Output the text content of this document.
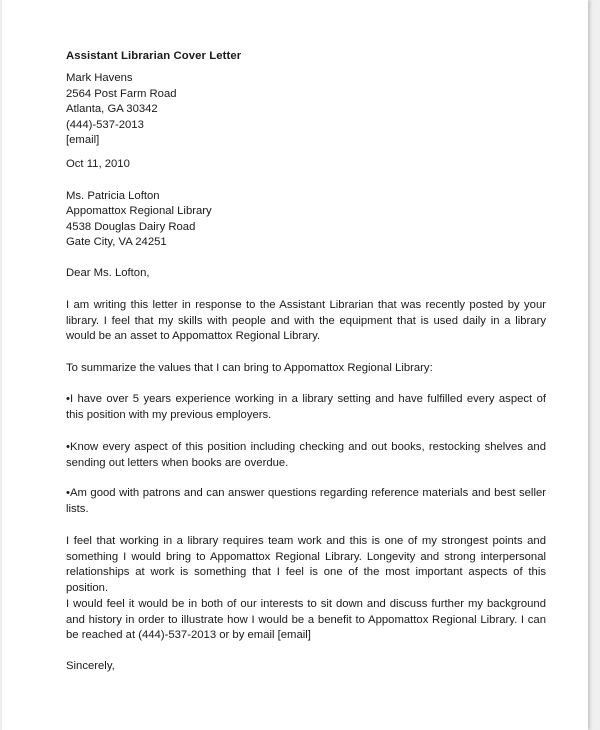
Assistant Librarian Cover Letter
Mark Havens
2564 Post Farm Road
Atlanta, GA 30342
(444)-537-2013
[email]
Oct 11, 2010
Ms. Patricia Lofton
Appomattox Regional Library
4538 Douglas Dairy Road
Gate City, VA 24251
Dear Ms. Lofton,
I am writing this letter in response to the Assistant Librarian that was recently posted by your library. I feel that my skills with people and with the equipment that is used daily in a library would be an asset to Appomattox Regional Library.
To summarize the values that I can bring to Appomattox Regional Library:
•I have over 5 years experience working in a library setting and have fulfilled every aspect of this position with my previous employers.
•Know every aspect of this position including checking and out books, restocking shelves and sending out letters when books are overdue.
•Am good with patrons and can answer questions regarding reference materials and best seller lists.
I feel that working in a library requires team work and this is one of my strongest points and something I would bring to Appomattox Regional Library. Longevity and strong interpersonal relationships at work is something that I feel is one of the most important aspects of this position.
I would feel it would be in both of our interests to sit down and discuss further my background and history in order to illustrate how I would be a benefit to Appomattox Regional Library. I can be reached at (444)-537-2013 or by email [email]
Sincerely,
